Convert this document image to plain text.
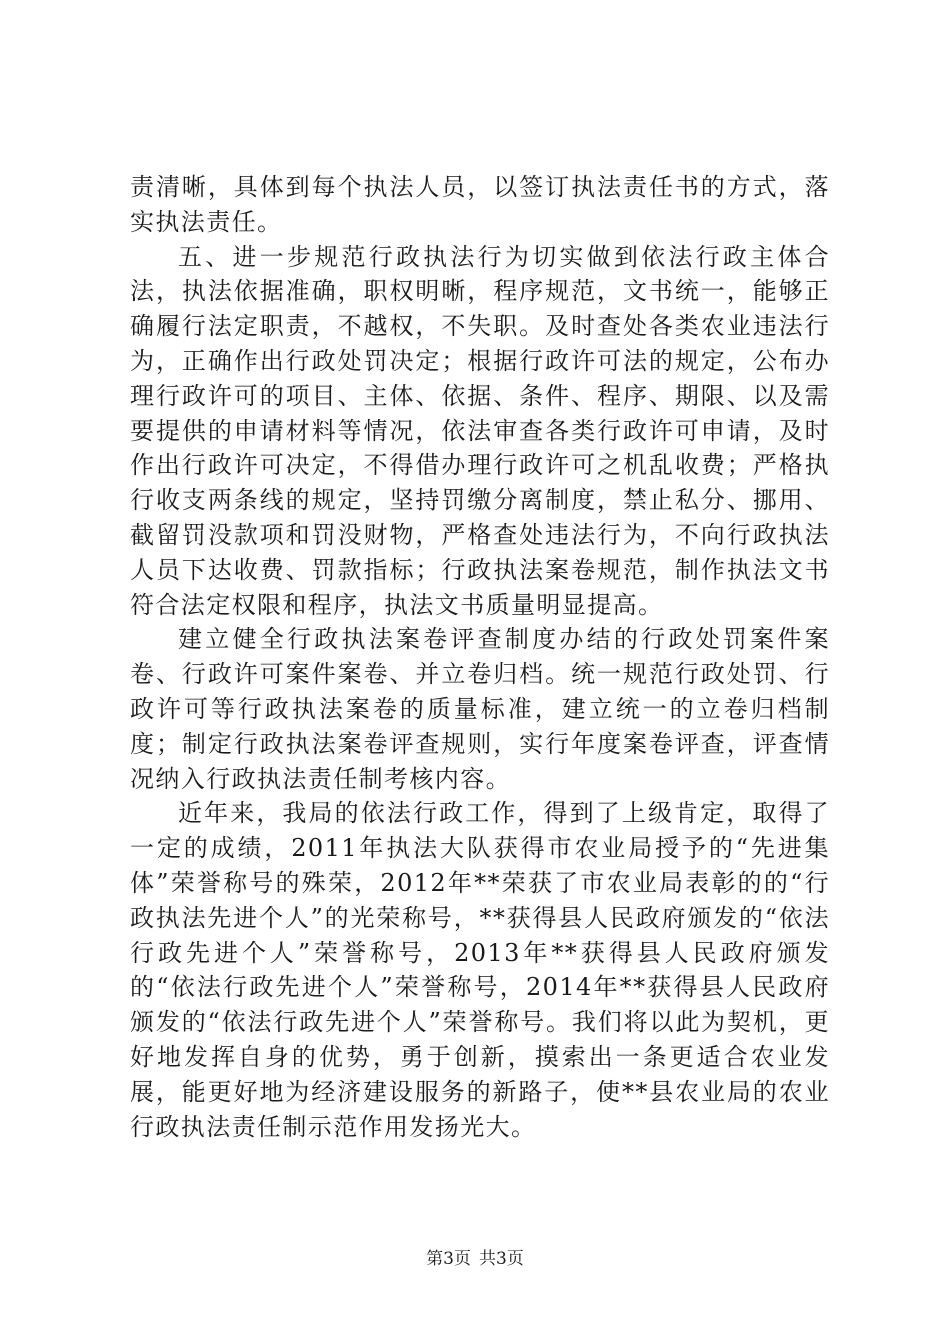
责清晰，具体到每个执法人员，以签订执法责任书的方式，落实执法责任。

五、进一步规范行政执法行为切实做到依法行政主体合法，执法依据准确，职权明晰，程序规范，文书统一，能够正确履行法定职责，不越权，不失职。及时查处各类农业违法行为，正确作出行政处罚决定；根据行政许可法的规定，公布办理行政许可的项目、主体、依据、条件、程序、期限、以及需要提供的申请材料等情况，依法审查各类行政许可申请，及时作出行政许可决定，不得借办理行政许可之机乱收费；严格执行收支两条线的规定，坚持罚缴分离制度，禁止私分、挪用、截留罚没款项和罚没财物，严格查处违法行为，不向行政执法人员下达收费、罚款指标；行政执法案卷规范，制作执法文书符合法定权限和程序，执法文书质量明显提高。

建立健全行政执法案卷评查制度办结的行政处罚案件案卷、行政许可案件案卷、并立卷归档。统一规范行政处罚、行政许可等行政执法案卷的质量标准，建立统一的立卷归档制度；制定行政执法案卷评查规则，实行年度案卷评查，评查情况纳入行政执法责任制考核内容。

近年来，我局的依法行政工作，得到了上级肯定，取得了一定的成绩，2011年执法大队获得市农业局授予的“先进集体”荣誉称号的殊荣，2012年**荣获了市农业局表彰的的“行政执法先进个人”的光荣称号，**获得县人民政府颁发的“依法行政先进个人”荣誉称号，2013年**获得县人民政府颁发的“依法行政先进个人”荣誉称号，2014年**获得县人民政府颁发的“依法行政先进个人”荣誉称号。我们将以此为契机，更好地发挥自身的优势，勇于创新，摸索出一条更适合农业发展，能更好地为经济建设服务的新路子，使**县农业局的农业行政执法责任制示范作用发扬光大。

第3页 共3页
